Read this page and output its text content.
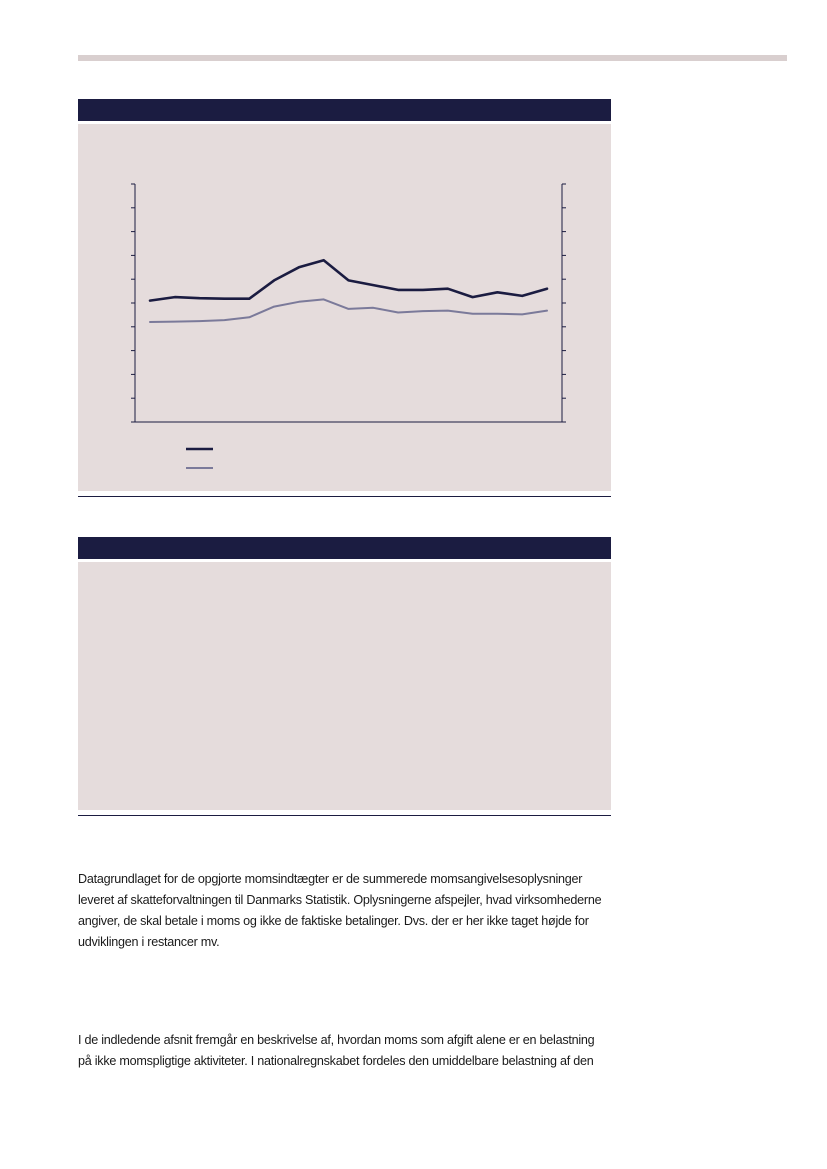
Datagrundlaget for de opgjorte momsindtægter er de summerede momsangivelsesoplysninger leveret af skatteforvaltningen til Danmarks Statistik. Oplysningerne afspejler, hvad virksomhederne angiver, de skal betale i moms og ikke de faktiske betalinger. Dvs. der er her ikke taget højde for udviklingen i restancer mv.

I de indledende afsnit fremgår en beskrivelse af, hvordan moms som afgift alene er en belastning på ikke momspligtige aktiviteter. I nationalregnskabet fordeles den umiddelbare belastning af den
